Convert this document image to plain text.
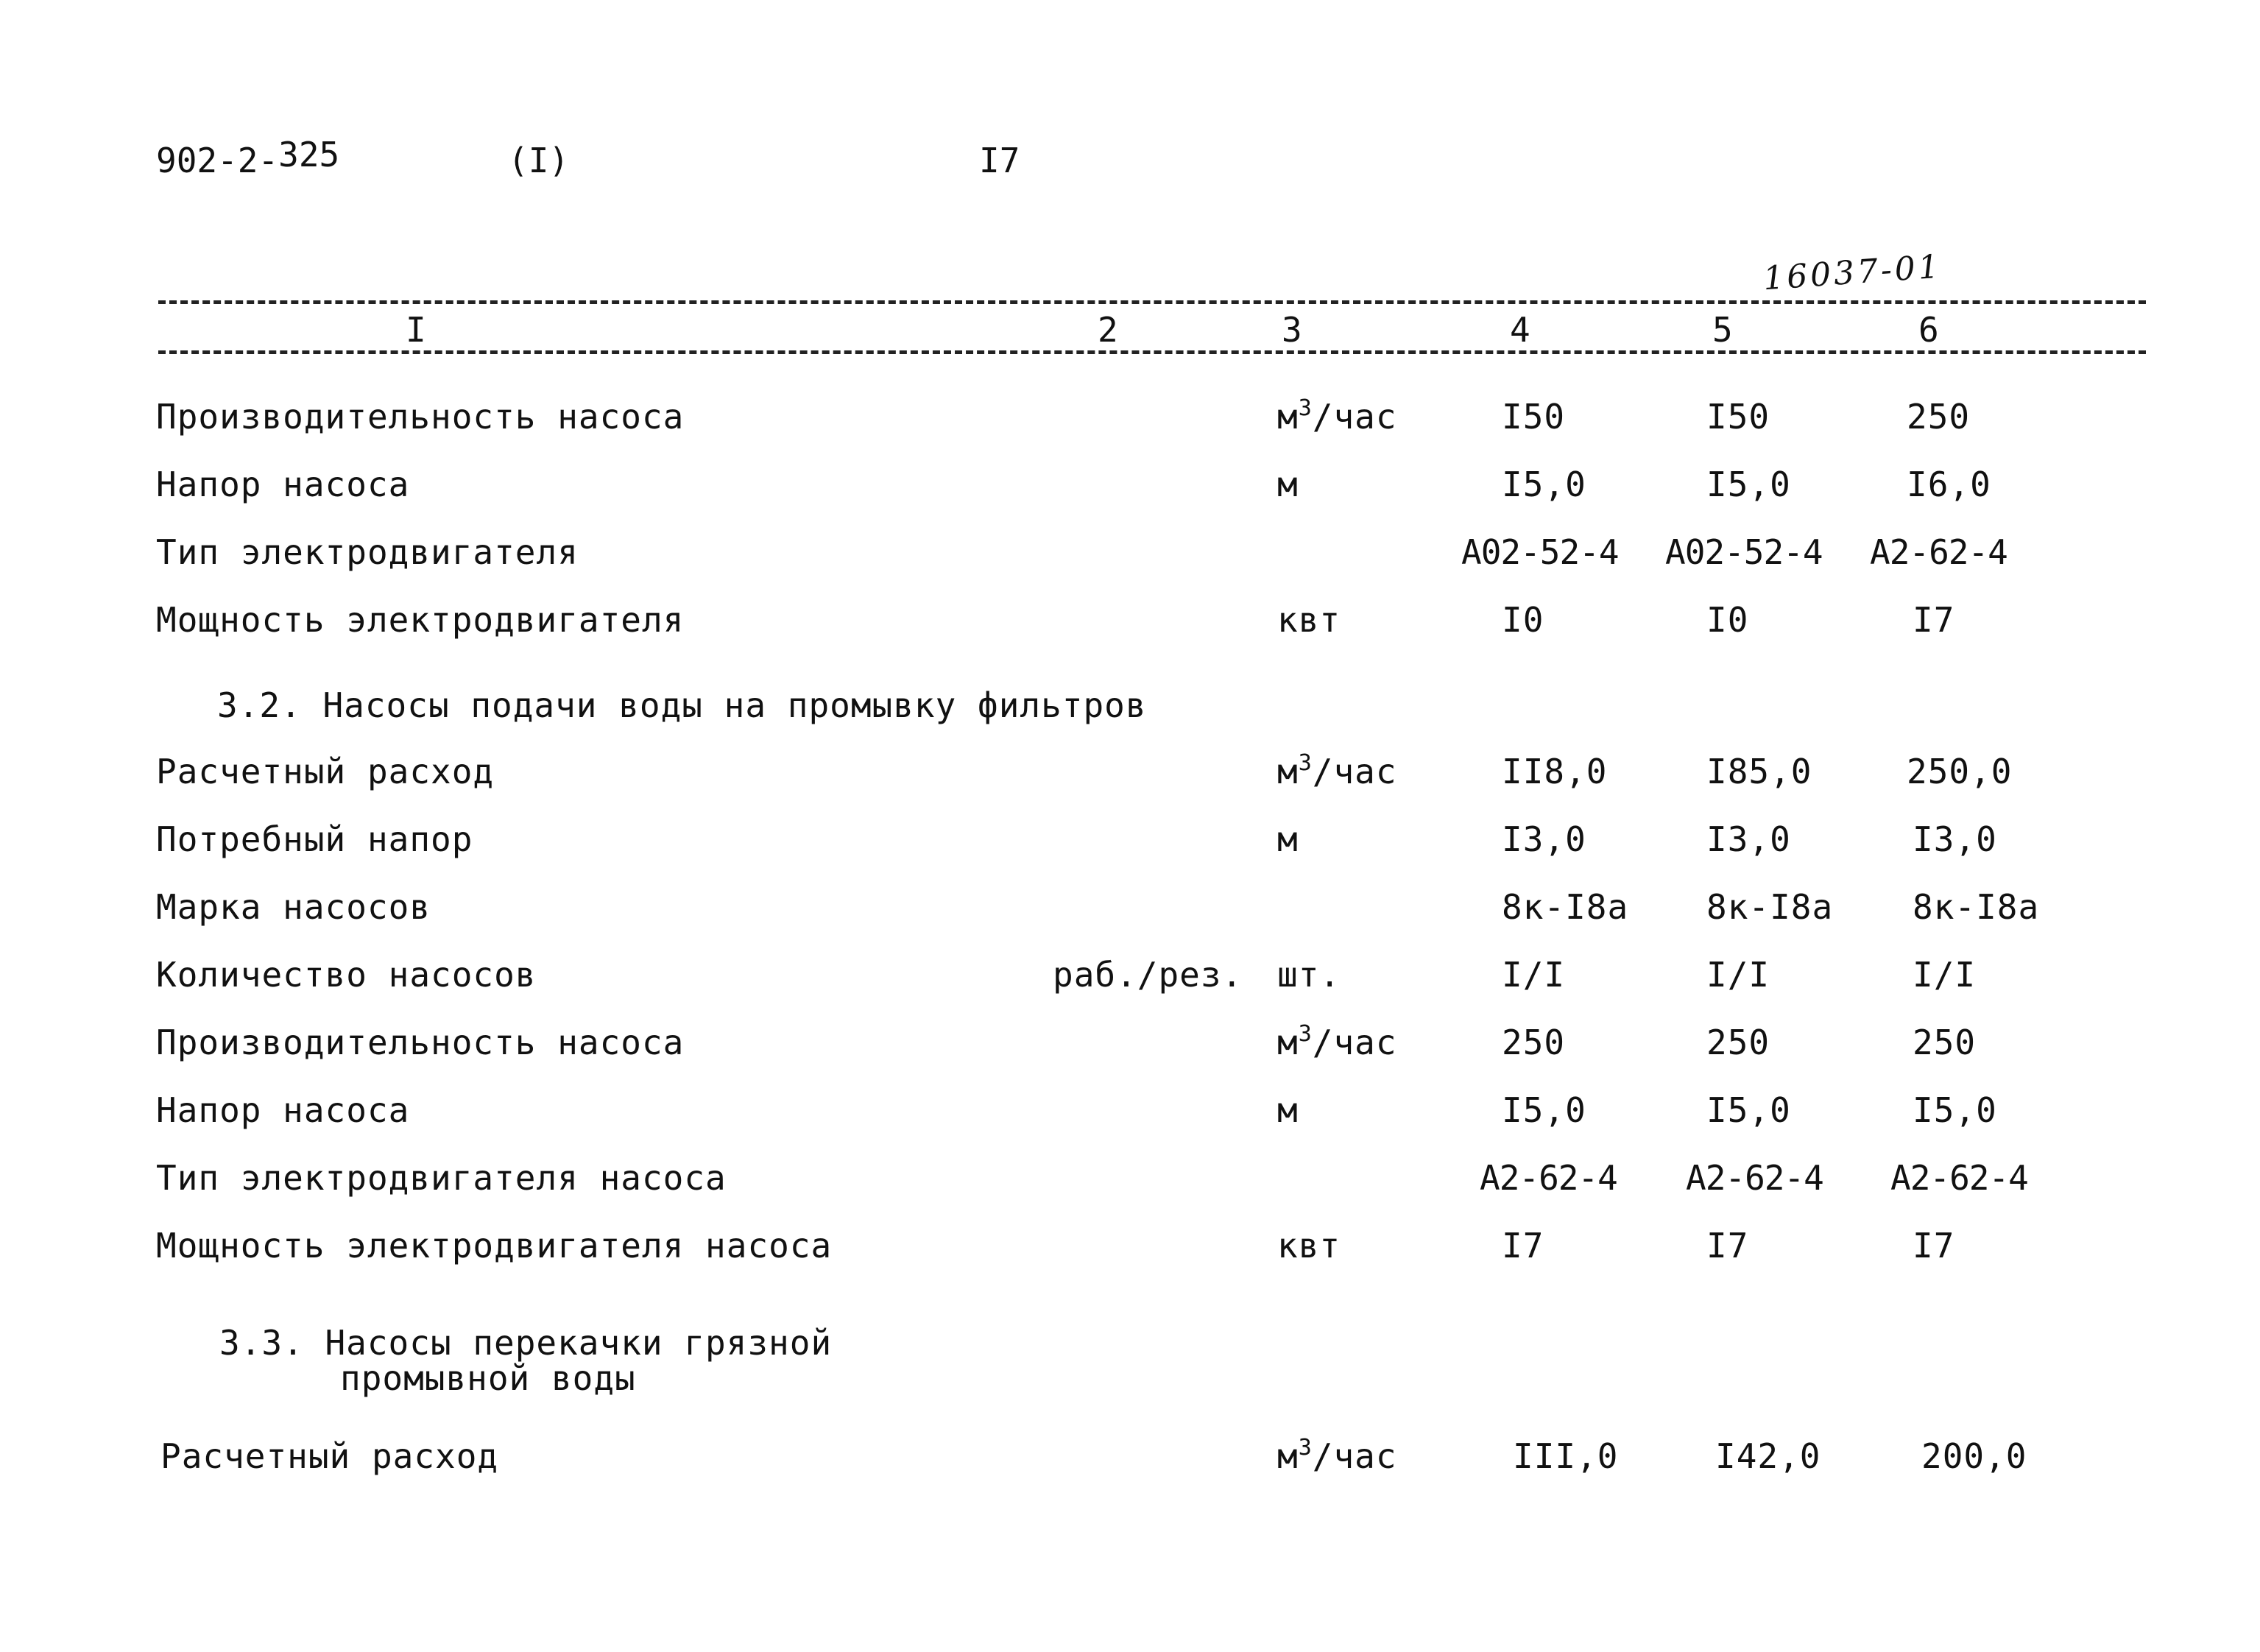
902-2-325	(I)	I7
16037-01
I	2	3	4	5	6
Производительность насоса	$м^3$/час	I50	I50	250
Напор насоса	м	I5,0	I5,0	I6,0
Тип электродвигателя	А02-52-4 А02-52-4 А2-62-4
Мощность электродвигателя	квт	I0	I0	I7
3.2. Насосы подачи воды на промывку фильтров
Расчетный расход	$м^3$/час	II8,0	I85,0	250,0
Потребный напор	м	I3,0	I3,0	I3,0
Марка насосов	8к-I8а 8к-I8а 8к-I8а
Количество насосов	раб./рез. шт.	I/I	I/I	I/I
Производительность насоса	$м^3$/час	250	250	250
Напор насоса	м	I5,0	I5,0	I5,0
Тип электродвигателя насоса	А2-62-4 А2-62-4 А2-62-4
Мощность электродвигателя насоса	квт	I7	I7	I7
3.3. Насосы перекачки грязной
промывной воды
Расчетный расход	$м^3$/час	III,0	I42,0	200,0
